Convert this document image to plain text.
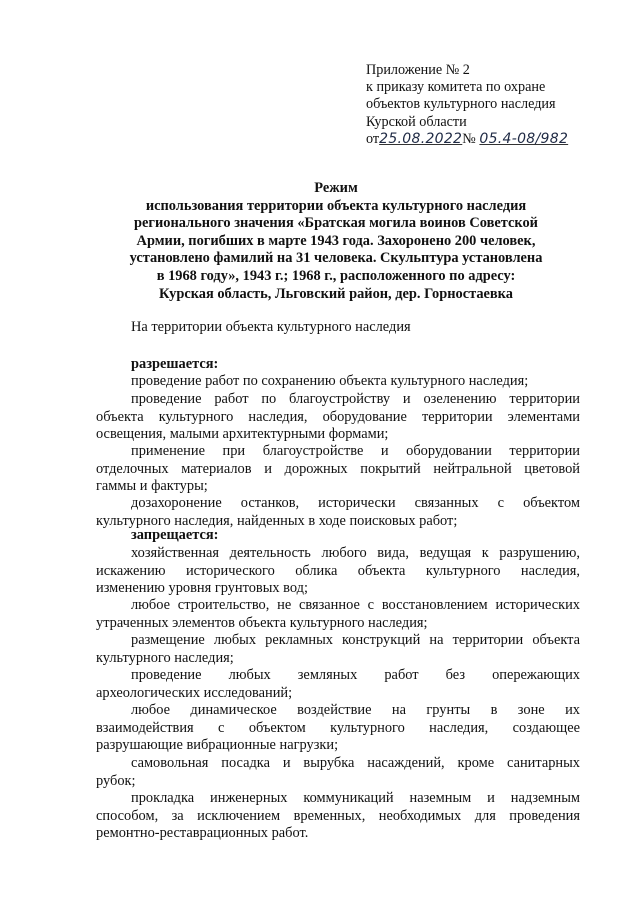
Приложение № 2
к приказу комитета по охране
объектов культурного наследия
Курской области
от25.08.2022№ 05.4-08/982
Режим
использования территории объекта культурного наследия
регионального значения «Братская могила воинов Советской
Армии, погибших в марте 1943 года. Захоронено 200 человек,
установлено фамилий на 31 человека. Скульптура установлена
в 1968 году», 1943 г.; 1968 г., расположенного по адресу:
Курская область, Льговский район, дер. Горностаевка
На территории объекта культурного наследия
разрешается:
проведение работ по сохранению объекта культурного наследия;
проведение работ по благоустройству и озеленению территории
объекта культурного наследия, оборудование территории элементами
освещения, малыми архитектурными формами;
применение при благоустройстве и оборудовании территории
отделочных материалов и дорожных покрытий нейтральной цветовой
гаммы и фактуры;
дозахоронение останков, исторически связанных с объектом
культурного наследия, найденных в ходе поисковых работ;
запрещается:
хозяйственная деятельность любого вида, ведущая к разрушению,
искажению исторического облика объекта культурного наследия,
изменению уровня грунтовых вод;
любое строительство, не связанное с восстановлением исторических
утраченных элементов объекта культурного наследия;
размещение любых рекламных конструкций на территории объекта
культурного наследия;
проведение любых земляных работ без опережающих
археологических исследований;
любое динамическое воздействие на грунты в зоне их
взаимодействия с объектом культурного наследия, создающее
разрушающие вибрационные нагрузки;
самовольная посадка и вырубка насаждений, кроме санитарных
рубок;
прокладка инженерных коммуникаций наземным и надземным
способом, за исключением временных, необходимых для проведения
ремонтно-реставрационных работ.
